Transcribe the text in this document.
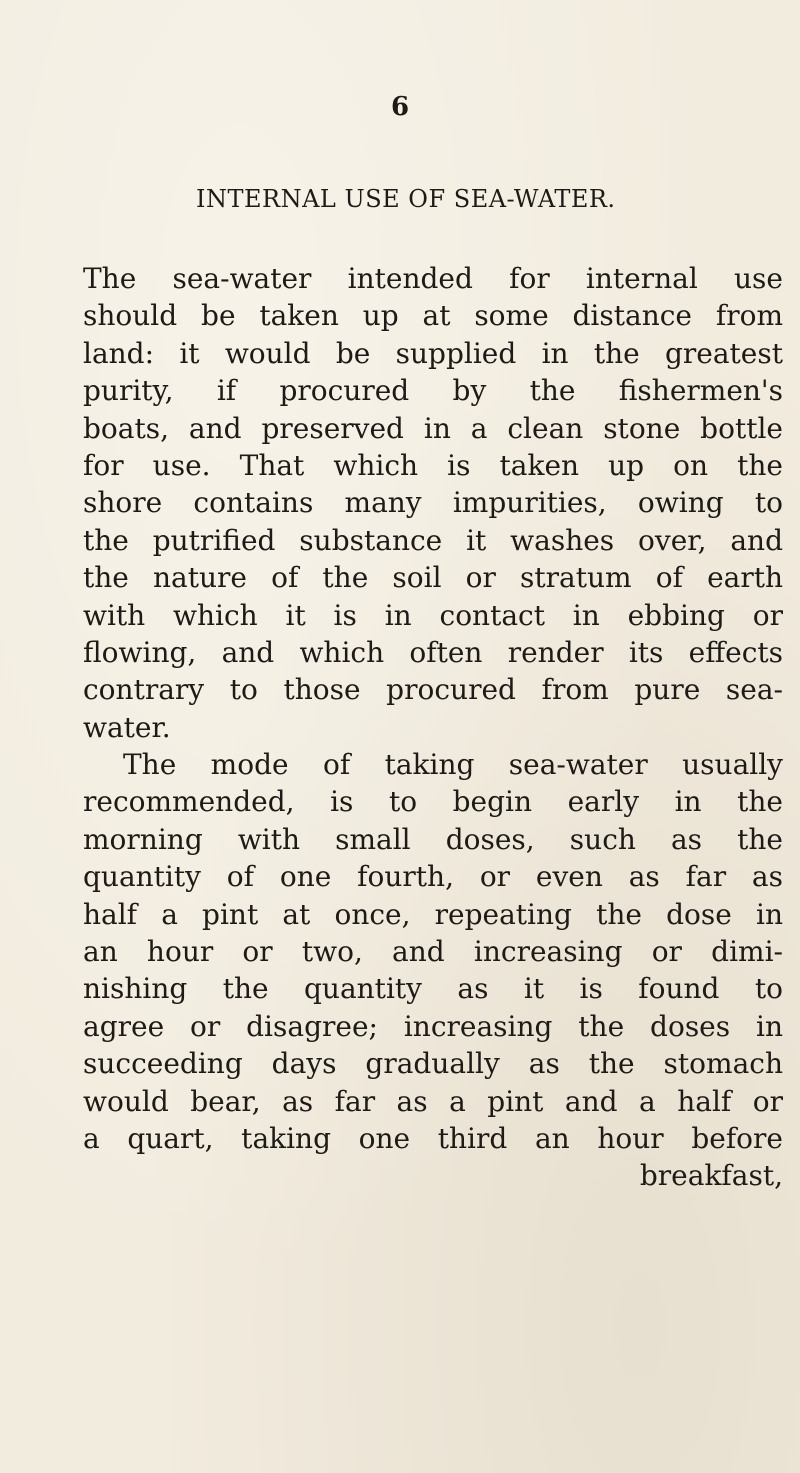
6
INTERNAL USE OF SEA-WATER.
The sea-water intended for internal use
should be taken up at some distance from
land: it would be supplied in the greatest
purity, if procured by the fishermen's
boats, and preserved in a clean stone bottle
for use. That which is taken up on the
shore contains many impurities, owing to
the putrified substance it washes over, and
the nature of the soil or stratum of earth
with which it is in contact in ebbing or
flowing, and which often render its effects
contrary to those procured from pure sea-
water.
The mode of taking sea-water usually
recommended, is to begin early in the
morning with small doses, such as the
quantity of one fourth, or even as far as
half a pint at once, repeating the dose in
an hour or two, and increasing or dimi-
nishing the quantity as it is found to
agree or disagree; increasing the doses in
succeeding days gradually as the stomach
would bear, as far as a pint and a half or
a quart, taking one third an hour before
breakfast,
